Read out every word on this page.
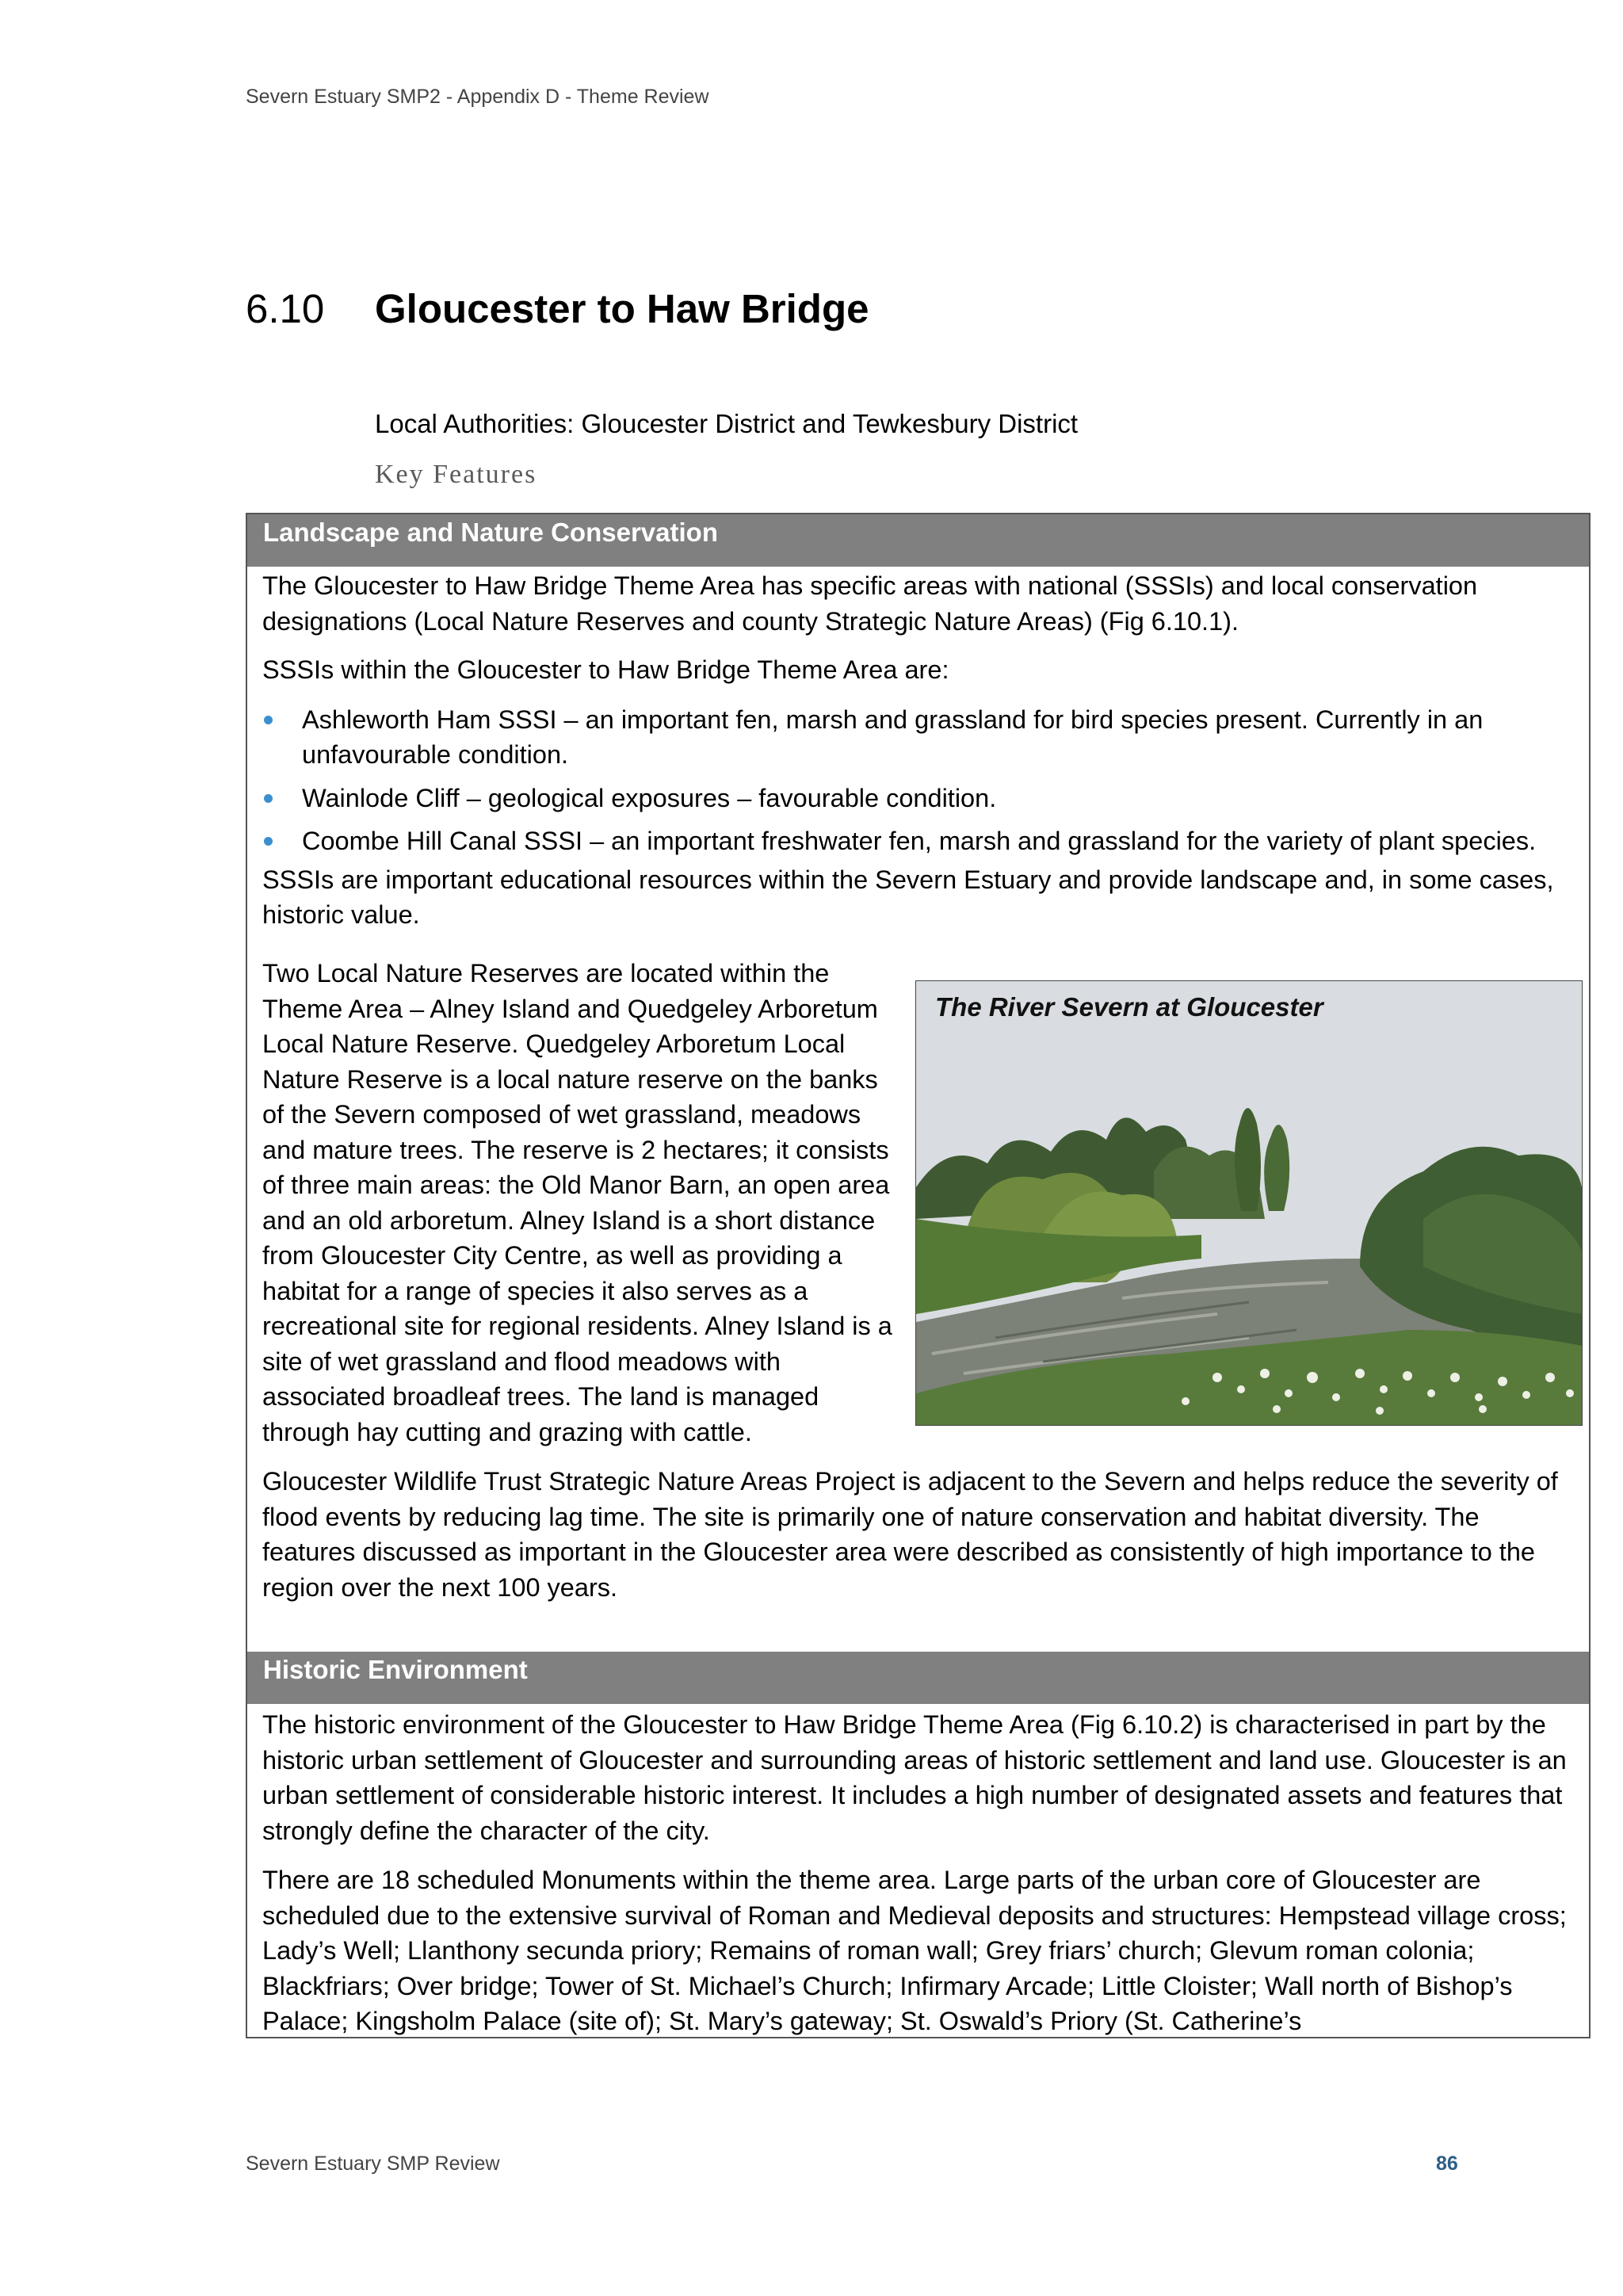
Severn Estuary SMP2 - Appendix D - Theme Review
6.10 Gloucester to Haw Bridge
Local Authorities: Gloucester District and Tewkesbury District
Key Features
Landscape and Nature Conservation

The Gloucester to Haw Bridge Theme Area has specific areas with national (SSSIs) and local conservation designations (Local Nature Reserves and county Strategic Nature Areas) (Fig 6.10.1).

SSSIs within the Gloucester to Haw Bridge Theme Area are:

Ashleworth Ham SSSI – an important fen, marsh and grassland for bird species present. Currently in an unfavourable condition.
Wainlode Cliff – geological exposures – favourable condition.
Coombe Hill Canal SSSI – an important freshwater fen, marsh and grassland for the variety of plant species.

SSSIs are important educational resources within the Severn Estuary and provide landscape and, in some cases, historic value.

Two Local Nature Reserves are located within the Theme Area – Alney Island and Quedgeley Arboretum Local Nature Reserve. Quedgeley Arboretum Local Nature Reserve is a local nature reserve on the banks of the Severn composed of wet grassland, meadows and mature trees. The reserve is 2 hectares; it consists of three main areas: the Old Manor Barn, an open area and an old arboretum. Alney Island is a short distance from Gloucester City Centre, as well as providing a habitat for a range of species it also serves as a recreational site for regional residents. Alney Island is a site of wet grassland and flood meadows with associated broadleaf trees. The land is managed through hay cutting and grazing with cattle.

Gloucester Wildlife Trust Strategic Nature Areas Project is adjacent to the Severn and helps reduce the severity of flood events by reducing lag time. The site is primarily one of nature conservation and habitat diversity. The features discussed as important in the Gloucester area were described as consistently of high importance to the region over the next 100 years.

The River Severn at Gloucester
Historic Environment

The historic environment of the Gloucester to Haw Bridge Theme Area (Fig 6.10.2) is characterised in part by the historic urban settlement of Gloucester and surrounding areas of historic settlement and land use. Gloucester is an urban settlement of considerable historic interest. It includes a high number of designated assets and features that strongly define the character of the city.

There are 18 scheduled Monuments within the theme area. Large parts of the urban core of Gloucester are scheduled due to the extensive survival of Roman and Medieval deposits and structures: Hempstead village cross; Lady’s Well; Llanthony secunda priory; Remains of roman wall; Grey friars’ church; Glevum roman colonia; Blackfriars; Over bridge; Tower of St. Michael’s Church; Infirmary Arcade; Little Cloister; Wall north of Bishop’s Palace; Kingsholm Palace (site of); St. Mary’s gateway; St. Oswald’s Priory (St. Catherine’s

Severn Estuary SMP Review	86
